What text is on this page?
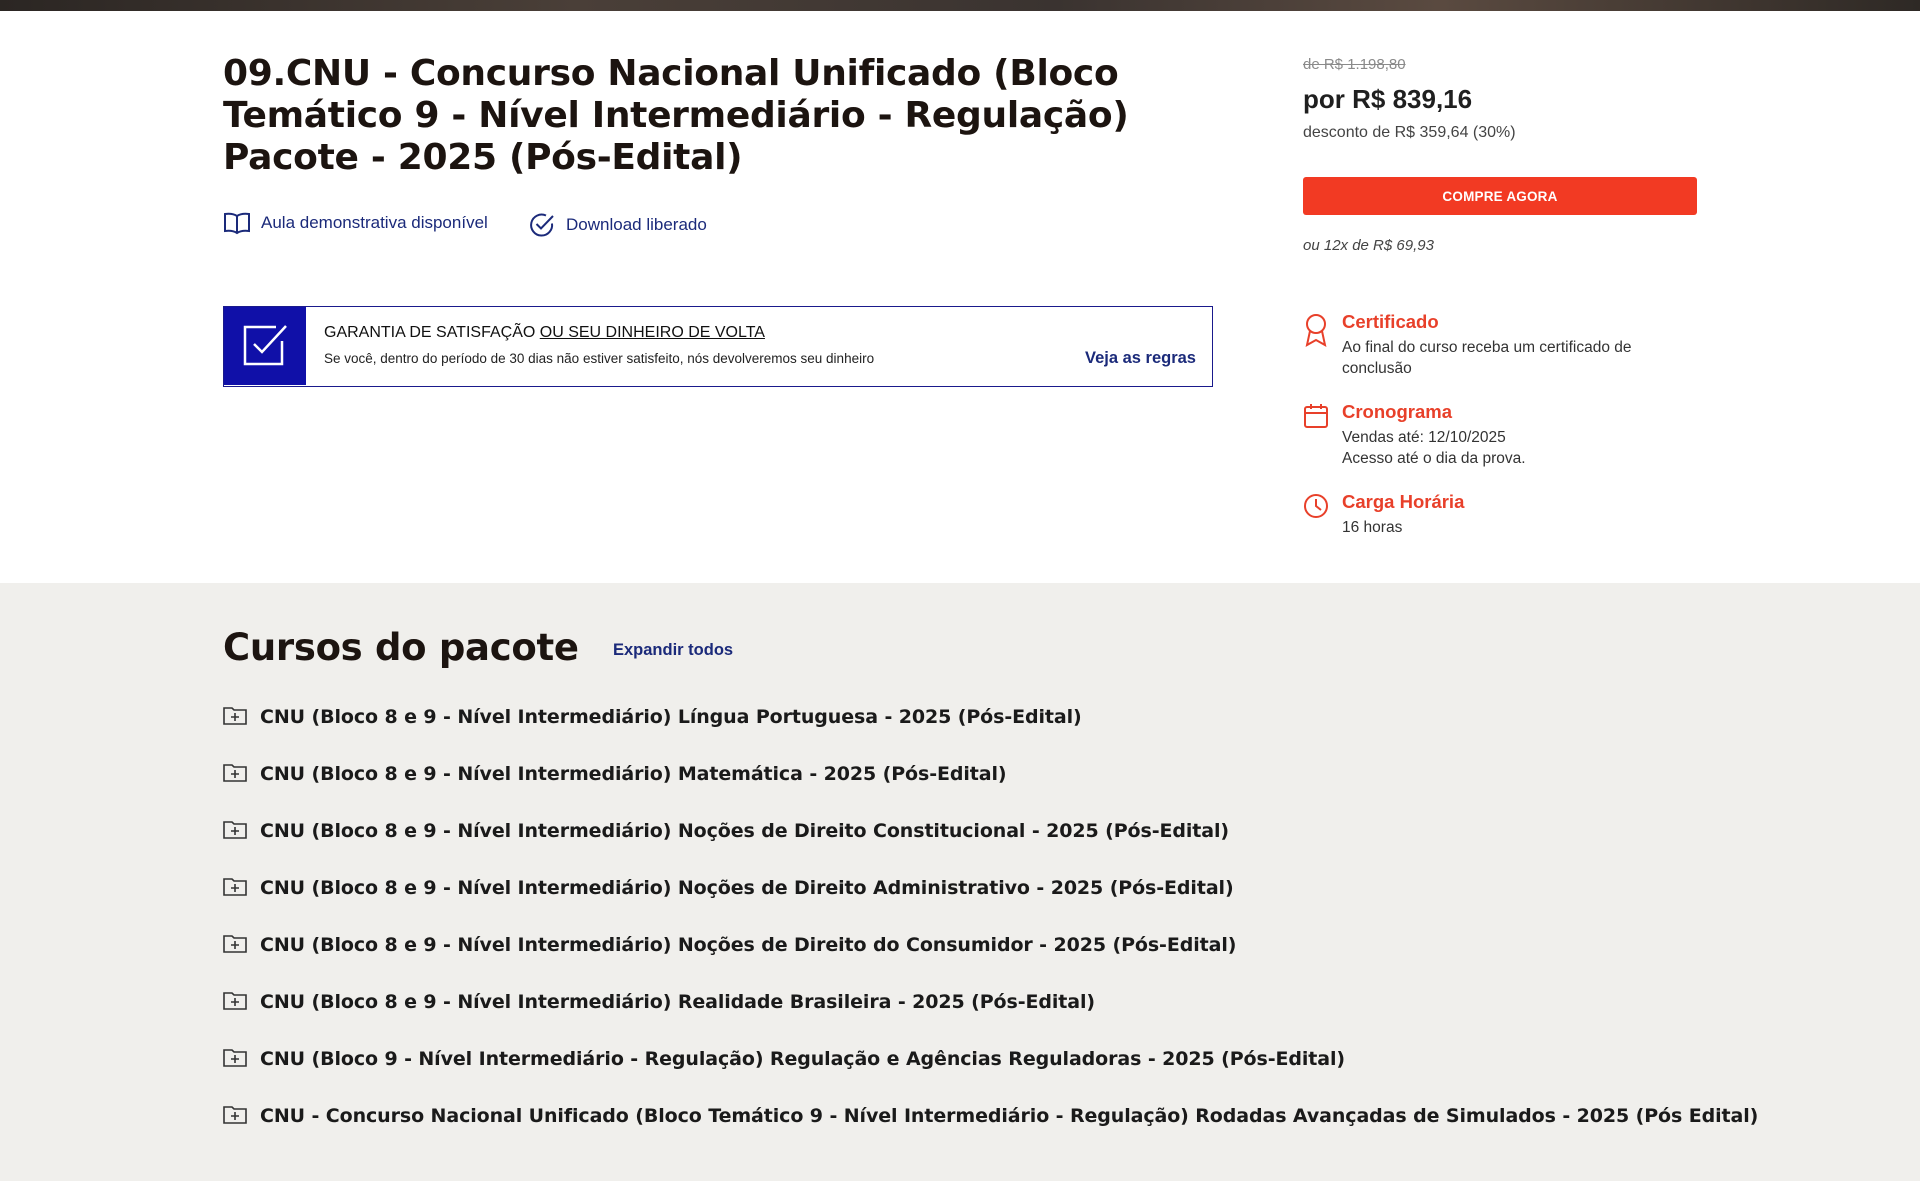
09.CNU - Concurso Nacional Unificado (Bloco Temático 9 - Nível Intermediário - Regulação) Pacote - 2025 (Pós-Edital)
Aula demonstrativa disponível	Download liberado
GARANTIA DE SATISFAÇÃO OU SEU DINHEIRO DE VOLTA
Se você, dentro do período de 30 dias não estiver satisfeito, nós devolveremos seu dinheiro	Veja as regras
de R$ 1.198,80
por R$ 839,16
desconto de R$ 359,64 (30%)
COMPRE AGORA
ou 12x de R$ 69,93
Certificado
Ao final do curso receba um certificado de conclusão
Cronograma
Vendas até: 12/10/2025
Acesso até o dia da prova.
Carga Horária
16 horas
Cursos do pacote Expandir todos
CNU (Bloco 8 e 9 - Nível Intermediário) Língua Portuguesa - 2025 (Pós-Edital)
CNU (Bloco 8 e 9 - Nível Intermediário) Matemática - 2025 (Pós-Edital)
CNU (Bloco 8 e 9 - Nível Intermediário) Noções de Direito Constitucional - 2025 (Pós-Edital)
CNU (Bloco 8 e 9 - Nível Intermediário) Noções de Direito Administrativo - 2025 (Pós-Edital)
CNU (Bloco 8 e 9 - Nível Intermediário) Noções de Direito do Consumidor - 2025 (Pós-Edital)
CNU (Bloco 8 e 9 - Nível Intermediário) Realidade Brasileira - 2025 (Pós-Edital)
CNU (Bloco 9 - Nível Intermediário - Regulação) Regulação e Agências Reguladoras - 2025 (Pós-Edital)
CNU - Concurso Nacional Unificado (Bloco Temático 9 - Nível Intermediário - Regulação) Rodadas Avançadas de Simulados - 2025 (Pós Edital)
